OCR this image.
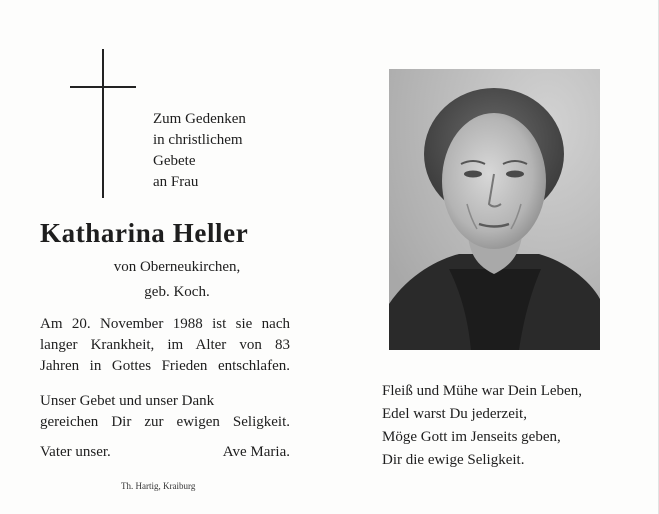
Zum Gedenken
in christlichem
Gebete
an Frau
Katharina Heller
von Oberneukirchen,
geb. Koch.
Am 20. November 1988 ist sie nach
langer Krankheit, im Alter von 83
Jahren in Gottes Frieden entschlafen.
Unser Gebet und unser Dank
gereichen Dir zur ewigen Seligkeit.
Vater unser.	Ave Maria.
Th. Hartig, Kraiburg
Fleiß und Mühe war Dein Leben,
Edel warst Du jederzeit,
Möge Gott im Jenseits geben,
Dir die ewige Seligkeit.
